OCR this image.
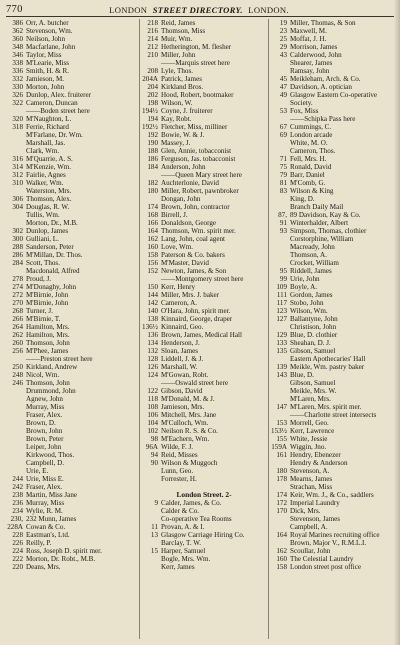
770	LONDON STREET DIRECTORY. LONDON.
386 Orr, A. butcher
362 Stevenson, Wm.
360 Neilson, John
348 Macfarlane, John
346 Taylor, Miss
338 M'Learie, Miss
336 Smith, H. & R.
332 Jamieson, M.
330 Morton, John
326 Dunlop, Alex. fruiterer
322 Cameron, Duncan
——Boden street here
320 M'Naughton, L.
318 Ferrie, Richard
M'Farlane, Dr. Wm.
Marshall, Jas.
Clark, Wm.
316 M'Quarrie, A. S.
314 M'Kenzie, Wm.
312 Fairlie, Agnes
310 Walker, Wm.
Waterston, Mrs.
306 Thomson, Alex.
304 Douglas, R. W.
Tullis, Wm.
Morton, Dr., M.B.
302 Dunlop, James
300 Gulliani, L.
288 Sanderson, Peter
286 M'Millan, Dr. Thos.
284 Scott, Thos.
Macdonald, Alfred
278 Proud, J.
274 M'Donaghy, John
272 M'Birnie, John
270 M'Birnie, John
268 Turner, J.
266 M'Birnie, T.
264 Hamilton, Mrs.
262 Hamilton, Mrs.
260 Thomson, John
256 M'Phee, James
——Preston street here
250 Kirkland, Andrew
248 Nicol, Wm.
246 Thomson, John
Drummond, John
Agnew, John
Murray, Miss
Fraser, Alex.
Brown, D.
Brown, John
Brown, Peter
Leiper, John
Kirkwood, Thos.
Campbell, D.
Urie, E.
244 Urie, Miss E.
242 Fraser, Alex.
238 Martin, Miss Jane
236 Murray, Miss
234 Wylie, R. M.
230, 232 Munn, James
228A Cowan & Co.
228 Eastman's, Ltd.
226 Reilly, P.
224 Ross, Joseph D. spirit mer.
222 Morton, Dr. Robt., M.B.
220 Deans, Mrs.
218 Reid, James
216 Thomson, Miss
214 Muir, Wm.
212 Hetherington, M. flesher
210 Miller, John
——Marquis street here
208 Lyle, Thos.
204A Patrick, James
204 Kirkland Bros.
202 Hood, Robert, bootmaker
198 Wilson, W.
194½ Coyne, J. fruiterer
194 Kay, Robt.
192½ Fletcher, Miss, milliner
192 Bowie, W. & J.
190 Massey, J.
188 Glen, Annie, tobacconist
186 Ferguson, Jas. tobacconist
184 Anderson, John
——Queen Mary street here
182 Auchterlonie, David
180 Miller, Robert, pawnbroker
Dongan, John
174 Brown, John, contractor
168 Birrell, J.
166 Donaldson, George
164 Thomson, Wm. spirit mer.
162 Lang, John, coal agent
160 Love, Wm.
158 Paterson & Co. bakers
156 M'Master, David
152 Newton, James, & Son
——Montgomery street here
150 Kerr, Henry
144 Miller, Mrs. J. baker
142 Cameron, A.
140 O'Hara, John, spirit mer.
138 Kinnaird, George, draper
136½ Kinnaird, Geo.
136 Brown, James, Medical Hall
134 Henderson, J.
132 Sloan, James
128 Liddell, J. & J.
126 Marshall, W.
124 M'Gowan, Robt.
——Oswald street here
122 Gibson, David
118 M'Donald, M. & J.
108 Jamieson, Mrs.
106 Mitchell, Mrs. Jane
104 M'Culloch, Wm.
102 Neilson R. S. & Co.
98 M'Eachern, Wm.
96A Wilde, F. J.
94 Reid, Misses
90 Wilson & Muggoch
Lunn, Geo.
Forrester, H.
London Street. 2-
9 Calder, James, & Co.
Calder & Co.
Co-operative Tea Rooms
11 Provan, A. & I.
13 Glasgow Carriage Hiring Co.
Barclay, T. W.
15 Harper, Samuel
Bogle, Mrs. Wm.
Kerr, James
19 Miller, Thomas, & Son
23 Maxwell, M.
25 Moffat, J. H.
29 Morrison, James
43 Calderwood, John
Shearer, James
Ramsay, John
45 Meikleham, Arch. & Co.
47 Davidson, A. optician
49 Glasgow Eastern Co-operative
Society.
53 Fox, Miss
——Schipka Pass here
67 Cummings, C.
69 London arcade
White, M. O.
Cameron, Thos.
71 Fell, Mrs. H.
75 Ronald, David
79 Barr, Daniel
81 M'Comb, G.
83 Wilson & King
King, D.
Branch Daily Mail
87, 89 Davidson, Kay & Co.
91 Winterhalder, Albert
93 Simpson, Thomas, clothier
Corstorphine, William
Macready, John
Thomson, A.
Crocket, William
95 Riddell, James
99 Urie, John
109 Boyle, A.
111 Gordon, James
117 Stobo, John
123 Wilson, Wm.
127 Ballantyne, John
Christison, John
129 Blue, D. clothier
133 Sheahan, D. J.
135 Gibson, Samuel
Eastern Apothecaries' Hall
139 Meikle, Wm. pastry baker
143 Blue, D.
Gibson, Samuel
Meikle, Mrs. W.
M'Laren, Mrs.
147 M'Laren, Mrs. spirit mer.
——Charlotte street intersects
153 Morrell, Geo.
153½ Kerr, Lawrence
155 White, Jessie
159A Wiggin, Jno.
161 Hendry, Ebenezer
Hendry & Anderson
180 Stevenson, A.
178 Mearns, James
Strachan, Miss
174 Keir, Wm. J., & Co., saddlers
172 Imperial Laundry
170 Dick, Mrs.
Stevenson, James
Campbell, A.
164 Royal Marines recruiting office
Brown, Major V., R.M.L.I.
162 Scoullar, John
160 The Celestial Laundry
158 London street post office
